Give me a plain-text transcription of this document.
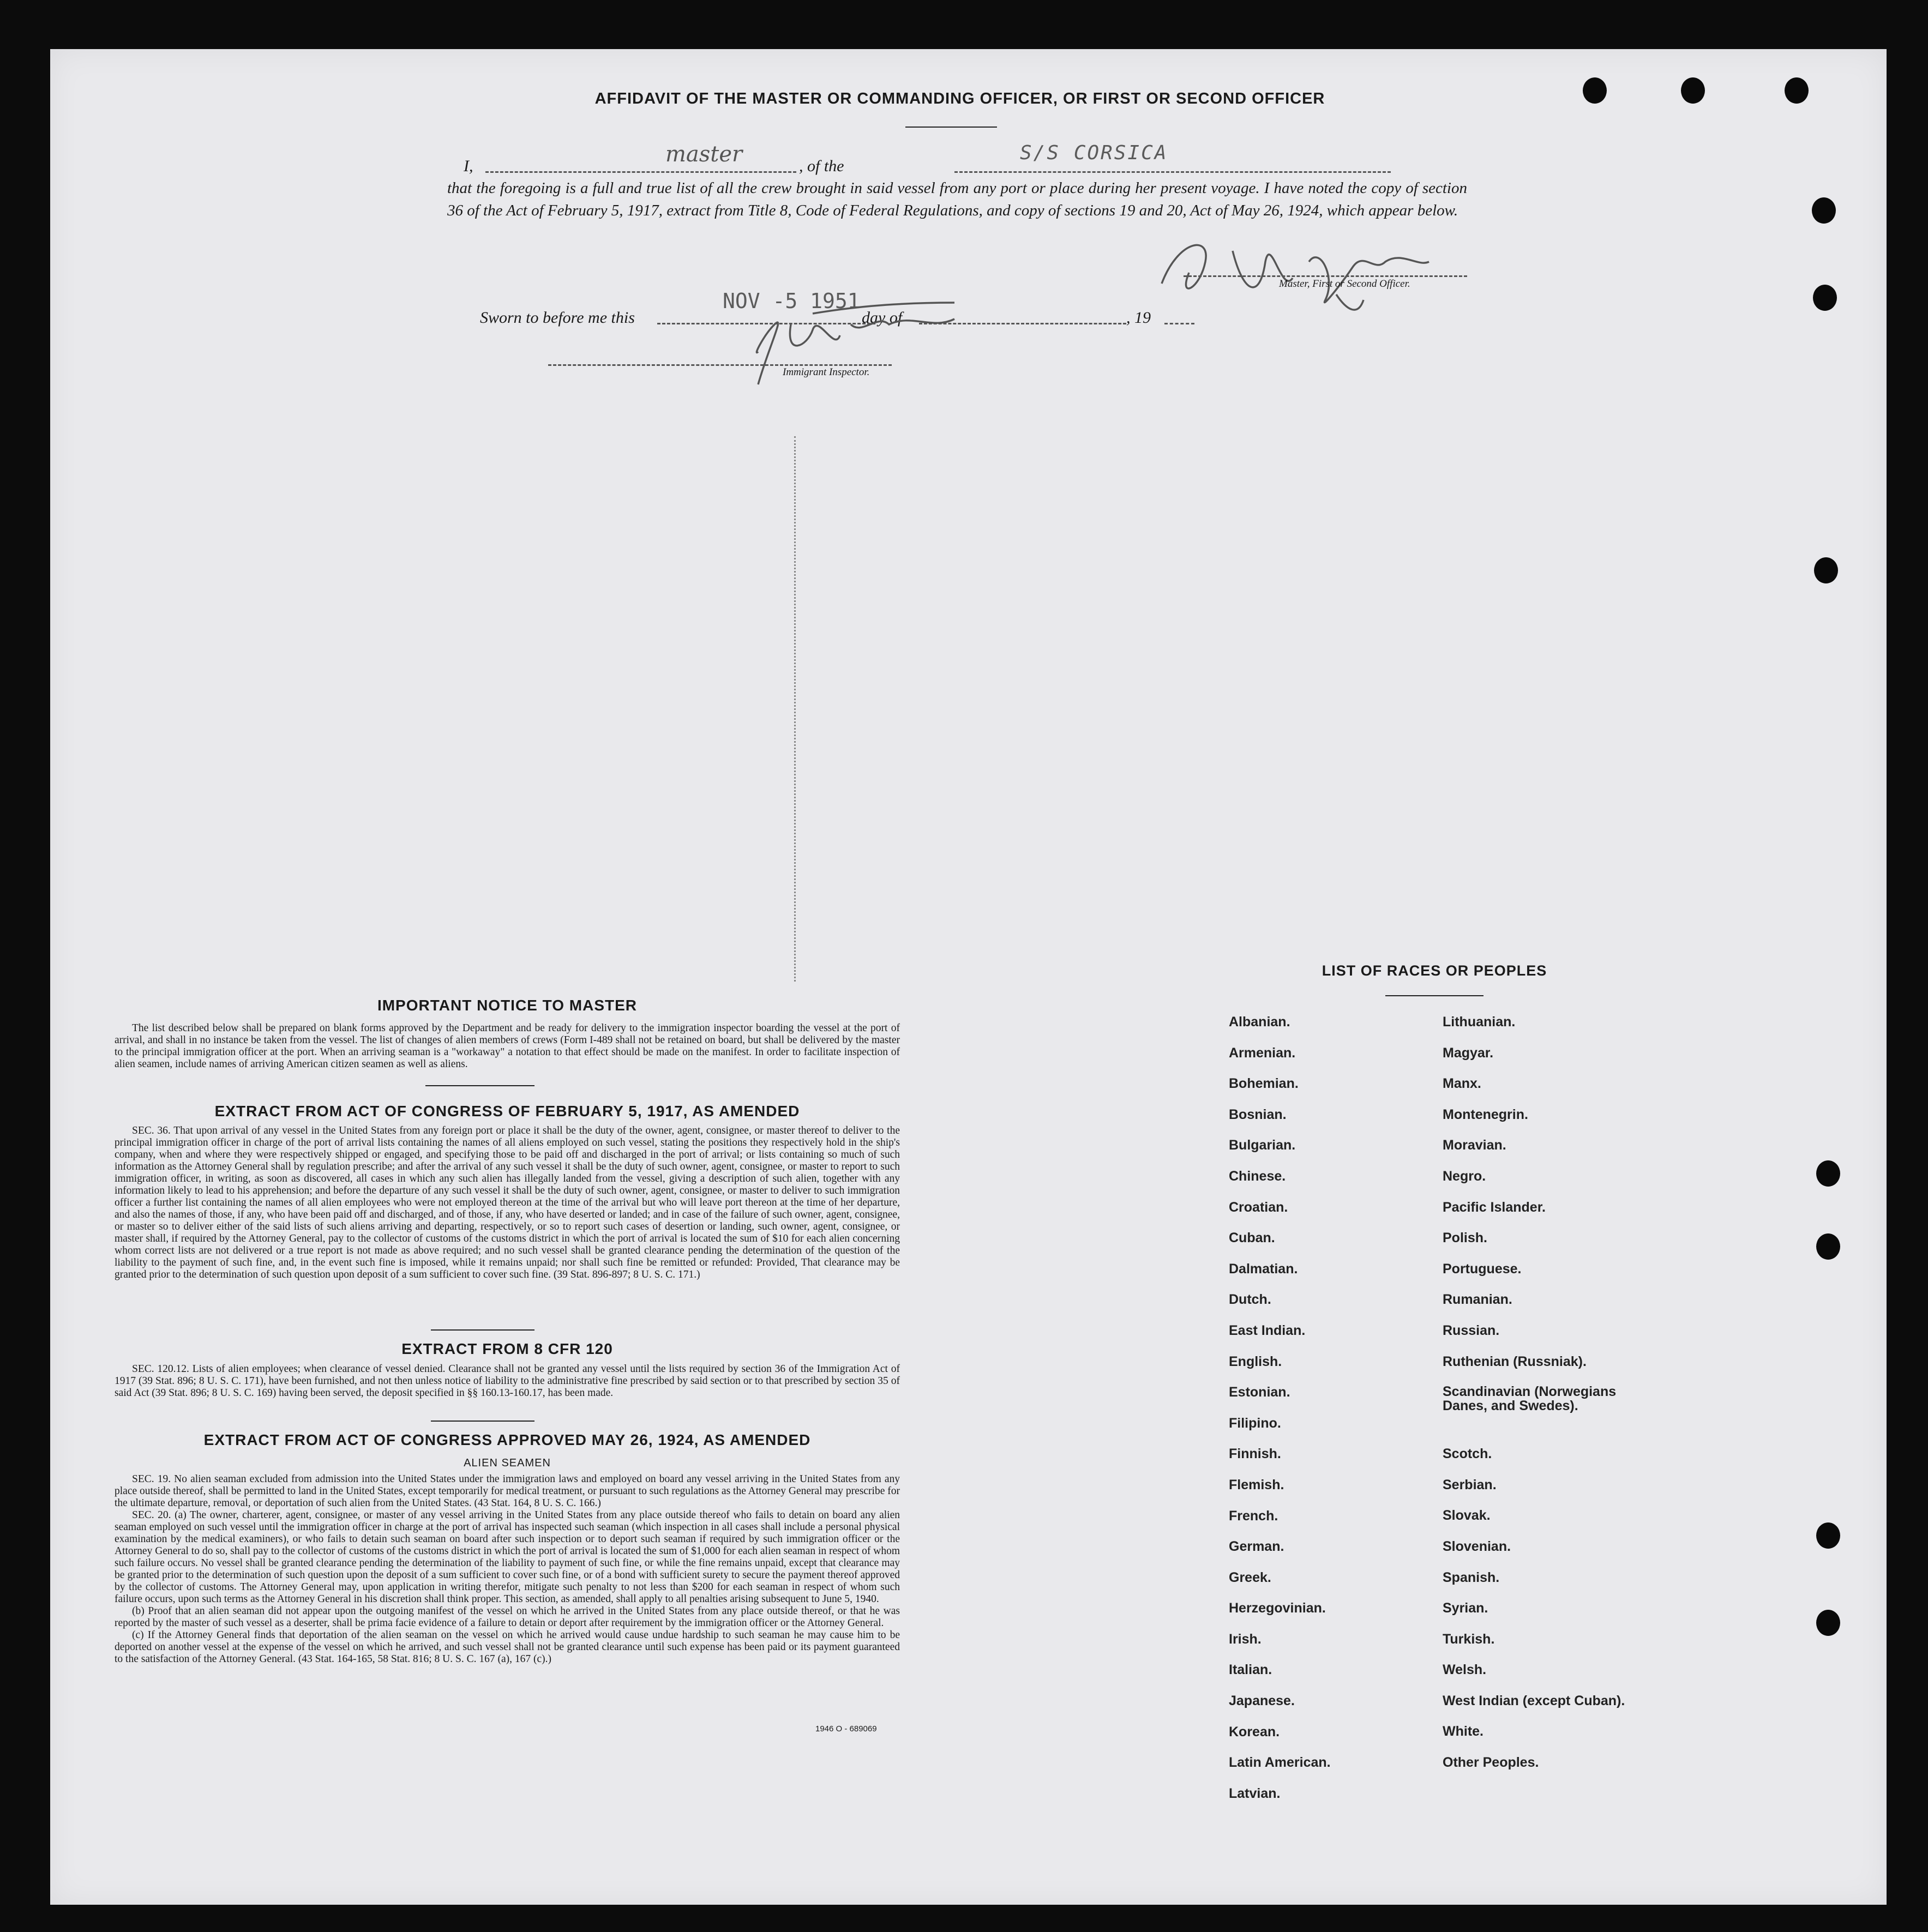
AFFIDAVIT OF THE MASTER OR COMMANDING OFFICER, OR FIRST OR SECOND OFFICER
I,	master	, of the
S/S CORSICA
that the foregoing is a full and true list of all the crew brought in said vessel from any port or place during her present voyage. I have noted the copy of section 36 of the Act of February 5, 1917, extract from Title 8, Code of Federal Regulations, and copy of sections 19 and 20, Act of May 26, 1924, which appear below.
Master, First or Second Officer.
Sworn to before me this
NOV -5 1951
day of	, 19
Immigrant Inspector.
IMPORTANT NOTICE TO MASTER

The list described below shall be prepared on blank forms approved by the Department and be ready for delivery to the immigration inspector boarding the vessel at the port of arrival, and shall in no instance be taken from the vessel. The list of changes of alien members of crews (Form I-489 shall not be retained on board, but shall be delivered by the master to the principal immigration officer at the port. When an arriving seaman is a "workaway" a notation to that effect should be made on the manifest. In order to facilitate inspection of alien seamen, include names of arriving American citizen seamen as well as aliens.

EXTRACT FROM ACT OF CONGRESS OF FEBRUARY 5, 1917, AS AMENDED

SEC. 36. That upon arrival of any vessel in the United States from any foreign port or place it shall be the duty of the owner, agent, consignee, or master thereof to deliver to the principal immigration officer in charge of the port of arrival lists containing the names of all aliens employed on such vessel, stating the positions they respectively hold in the ship's company, when and where they were respectively shipped or engaged, and specifying those to be paid off and discharged in the port of arrival; or lists containing so much of such information as the Attorney General shall by regulation prescribe; and after the arrival of any such vessel it shall be the duty of such owner, agent, consignee, or master to report to such immigration officer, in writing, as soon as discovered, all cases in which any such alien has illegally landed from the vessel, giving a description of such alien, together with any information likely to lead to his apprehension; and before the departure of any such vessel it shall be the duty of such owner, agent, consignee, or master to deliver to such immigration officer a further list containing the names of all alien employees who were not employed thereon at the time of the arrival but who will leave port thereon at the time of her departure, and also the names of those, if any, who have been paid off and discharged, and of those, if any, who have deserted or landed; and in case of the failure of such owner, agent, consignee, or master so to deliver either of the said lists of such aliens arriving and departing, respectively, or so to report such cases of desertion or landing, such owner, agent, consignee, or master shall, if required by the Attorney General, pay to the collector of customs of the customs district in which the port of arrival is located the sum of $10 for each alien concerning whom correct lists are not delivered or a true report is not made as above required; and no such vessel shall be granted clearance pending the determination of the question of the liability to the payment of such fine, and, in the event such fine is imposed, while it remains unpaid; nor shall such fine be remitted or refunded: Provided, That clearance may be granted prior to the determination of such question upon deposit of a sum sufficient to cover such fine. (39 Stat. 896-897; 8 U. S. C. 171.)

EXTRACT FROM 8 CFR 120

SEC. 120.12. Lists of alien employees; when clearance of vessel denied. Clearance shall not be granted any vessel until the lists required by section 36 of the Immigration Act of 1917 (39 Stat. 896; 8 U. S. C. 171), have been furnished, and not then unless notice of liability to the administrative fine prescribed by said section or to that prescribed by section 35 of said Act (39 Stat. 896; 8 U. S. C. 169) having been served, the deposit specified in §§ 160.13-160.17, has been made.

EXTRACT FROM ACT OF CONGRESS APPROVED MAY 26, 1924, AS AMENDED
ALIEN SEAMEN

SEC. 19. No alien seaman excluded from admission into the United States under the immigration laws and employed on board any vessel arriving in the United States from any place outside thereof, shall be permitted to land in the United States, except temporarily for medical treatment, or pursuant to such regulations as the Attorney General may prescribe for the ultimate departure, removal, or deportation of such alien from the United States. (43 Stat. 164, 8 U. S. C. 166.)

SEC. 20. (a) The owner, charterer, agent, consignee, or master of any vessel arriving in the United States from any place outside thereof who fails to detain on board any alien seaman employed on such vessel until the immigration officer in charge at the port of arrival has inspected such seaman (which inspection in all cases shall include a personal physical examination by the medical examiners), or who fails to detain such seaman on board after such inspection or to deport such seaman if required by such immigration officer or the Attorney General to do so, shall pay to the collector of customs of the customs district in which the port of arrival is located the sum of $1,000 for each alien seaman in respect of whom such failure occurs. No vessel shall be granted clearance pending the determination of the liability to payment of such fine, or while the fine remains unpaid, except that clearance may be granted prior to the determination of such question upon the deposit of a sum sufficient to cover such fine, or of a bond with sufficient surety to secure the payment thereof approved by the collector of customs. The Attorney General may, upon application in writing therefor, mitigate such penalty to not less than $200 for each seaman in respect of whom such failure occurs, upon such terms as the Attorney General in his discretion shall think proper. This section, as amended, shall apply to all penalties arising subsequent to June 5, 1940.

(b) Proof that an alien seaman did not appear upon the outgoing manifest of the vessel on which he arrived in the United States from any place outside thereof, or that he was reported by the master of such vessel as a deserter, shall be prima facie evidence of a failure to detain or deport after requirement by the immigration officer or the Attorney General.

(c) If the Attorney General finds that deportation of the alien seaman on the vessel on which he arrived would cause undue hardship to such seaman he may cause him to be deported on another vessel at the expense of the vessel on which he arrived, and such vessel shall not be granted clearance until such expense has been paid or its payment guaranteed to the satisfaction of the Attorney General. (43 Stat. 164-165, 58 Stat. 816; 8 U. S. C. 167 (a), 167 (c).)

1946 O - 689069
LIST OF RACES OR PEOPLES
Albanian.
Armenian.
Bohemian.
Bosnian.
Bulgarian.
Chinese.
Croatian.
Cuban.
Dalmatian.
Dutch.
East Indian.
English.
Estonian.
Filipino.
Finnish.
Flemish.
French.
German.
Greek.
Herzegovinian.
Irish.
Italian.
Japanese.
Korean.
Latin American.
Latvian.
Lithuanian.
Magyar.
Manx.
Montenegrin.
Moravian.
Negro.
Pacific Islander.
Polish.
Portuguese.
Rumanian.
Russian.
Ruthenian (Russniak).
Scandinavian (Norwegians Danes, and Swedes).
Scotch.
Serbian.
Slovak.
Slovenian.
Spanish.
Syrian.
Turkish.
Welsh.
West Indian (except Cuban).
White.
Other Peoples.
